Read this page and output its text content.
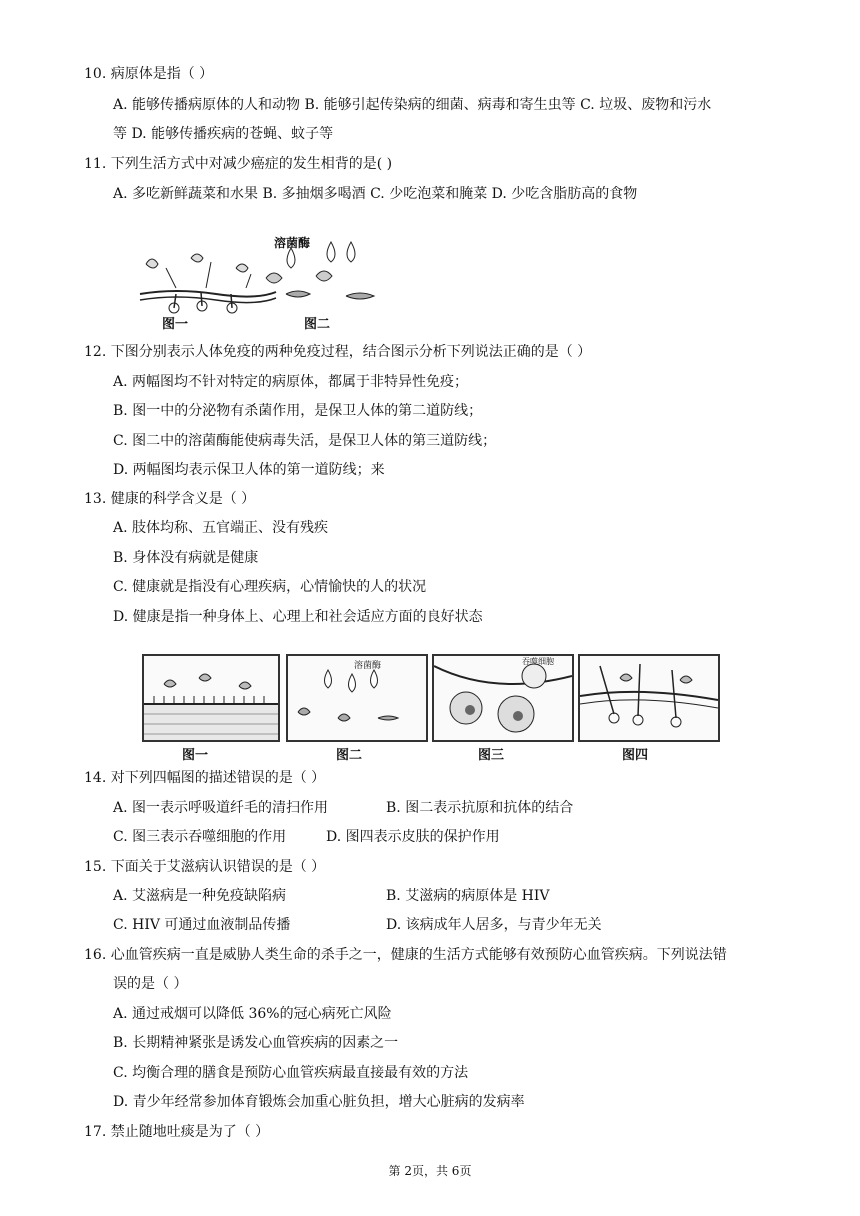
10. 病原体是指（ ）
A. 能够传播病原体的人和动物 B. 能够引起传染病的细菌、病毒和寄生虫等 C. 垃圾、废物和污水
等 D. 能够传播疾病的苍蝇、蚊子等
11. 下列生活方式中对减少癌症的发生相背的是( )
A. 多吃新鲜蔬菜和水果 B. 多抽烟多喝酒 C. 少吃泡菜和腌菜 D. 少吃含脂肪高的食物
图一	图二
溶菌酶
12. 下图分别表示人体免疫的两种免疫过程，结合图示分析下列说法正确的是（ ）
A. 两幅图均不针对特定的病原体，都属于非特异性免疫；
B. 图一中的分泌物有杀菌作用，是保卫人体的第二道防线；
C. 图二中的溶菌酶能使病毒失活，是保卫人体的第三道防线；
D. 两幅图均表示保卫人体的第一道防线；来
13. 健康的科学含义是（ ）
A. 肢体均称、五官端正、没有残疾
B. 身体没有病就是健康
C. 健康就是指没有心理疾病，心情愉快的人的状况
D. 健康是指一种身体上、心理上和社会适应方面的良好状态
溶菌酶	吞噬细胞
图一	图二	图三	图四
14. 对下列四幅图的描述错误的是（ ）
A. 图一表示呼吸道纤毛的清扫作用	B. 图二表示抗原和抗体的结合
C. 图三表示吞噬细胞的作用	D. 图四表示皮肤的保护作用
15. 下面关于艾滋病认识错误的是（ ）
A. 艾滋病是一种免疫缺陷病	B. 艾滋病的病原体是 HIV
C. HIV 可通过血液制品传播	D. 该病成年人居多，与青少年无关
16. 心血管疾病一直是威胁人类生命的杀手之一，健康的生活方式能够有效预防心血管疾病。下列说法错
误的是（ ）
A. 通过戒烟可以降低 36%的冠心病死亡风险
B. 长期精神紧张是诱发心血管疾病的因素之一
C. 均衡合理的膳食是预防心血管疾病最直接最有效的方法
D. 青少年经常参加体育锻炼会加重心脏负担，增大心脏病的发病率
17. 禁止随地吐痰是为了（ ）
第 2页，共 6页
